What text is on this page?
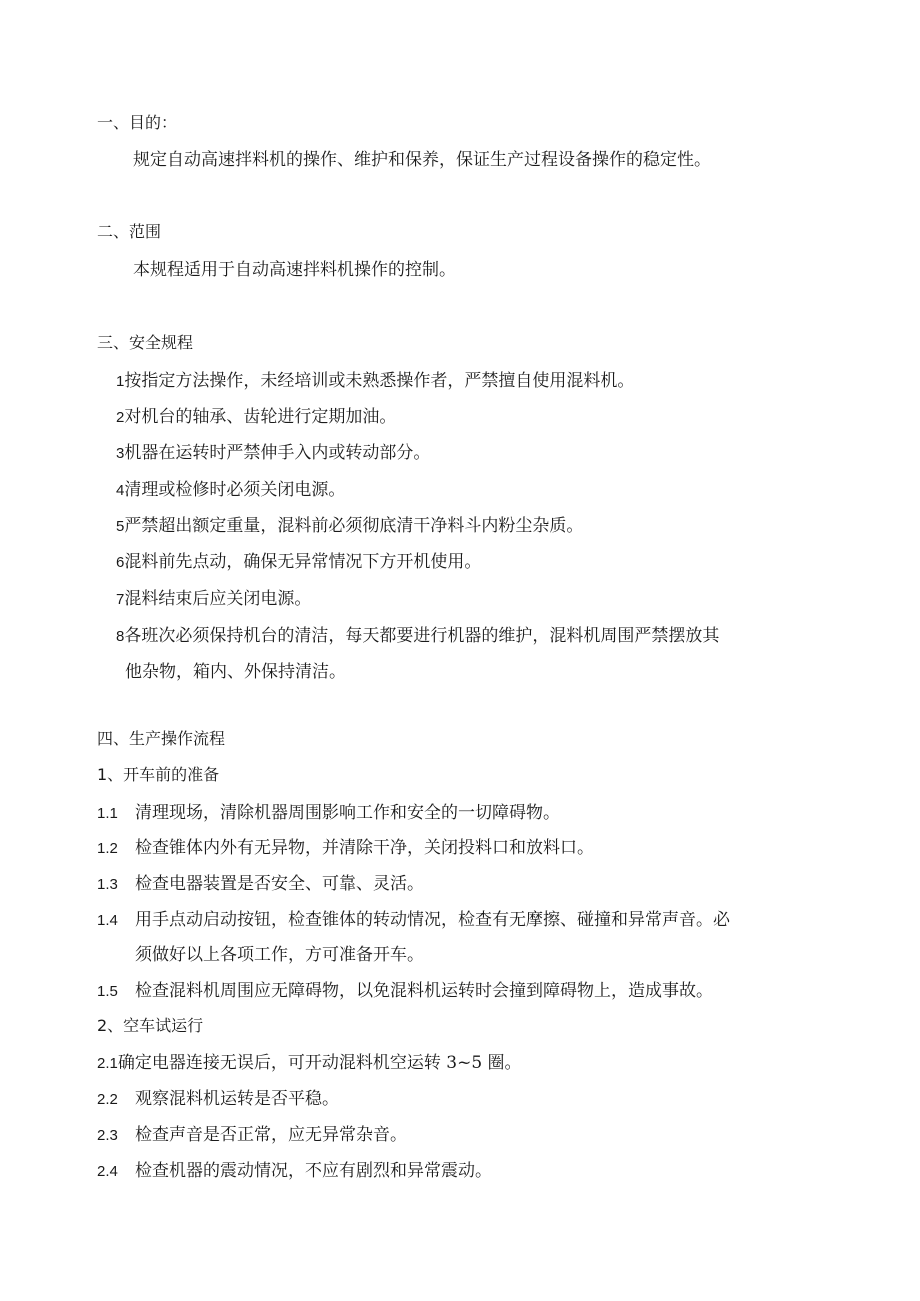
一、目的：
规定自动高速拌料机的操作、维护和保养，保证生产过程设备操作的稳定性。
二、范围
本规程适用于自动高速拌料机操作的控制。
三、安全规程
1按指定方法操作，未经培训或未熟悉操作者，严禁擅自使用混料机。
2对机台的轴承、齿轮进行定期加油。
3机器在运转时严禁伸手入内或转动部分。
4清理或检修时必须关闭电源。
5严禁超出额定重量，混料前必须彻底清干净料斗内粉尘杂质。
6混料前先点动，确保无异常情况下方开机使用。
7混料结束后应关闭电源。
8各班次必须保持机台的清洁，每天都要进行机器的维护，混料机周围严禁摆放其
他杂物，箱内、外保持清洁。
四、生产操作流程
1、开车前的准备
1.1 清理现场，清除机器周围影响工作和安全的一切障碍物。
1.2 检查锥体内外有无异物，并清除干净，关闭投料口和放料口。
1.3 检查电器装置是否安全、可靠、灵活。
1.4 用手点动启动按钮，检查锥体的转动情况，检查有无摩擦、碰撞和异常声音。必
须做好以上各项工作，方可准备开车。
1.5 检查混料机周围应无障碍物，以免混料机运转时会撞到障碍物上，造成事故。
2、空车试运行
2.1确定电器连接无误后，可开动混料机空运转 3~5 圈。
2.2 观察混料机运转是否平稳。
2.3 检查声音是否正常，应无异常杂音。
2.4 检查机器的震动情况，不应有剧烈和异常震动。
